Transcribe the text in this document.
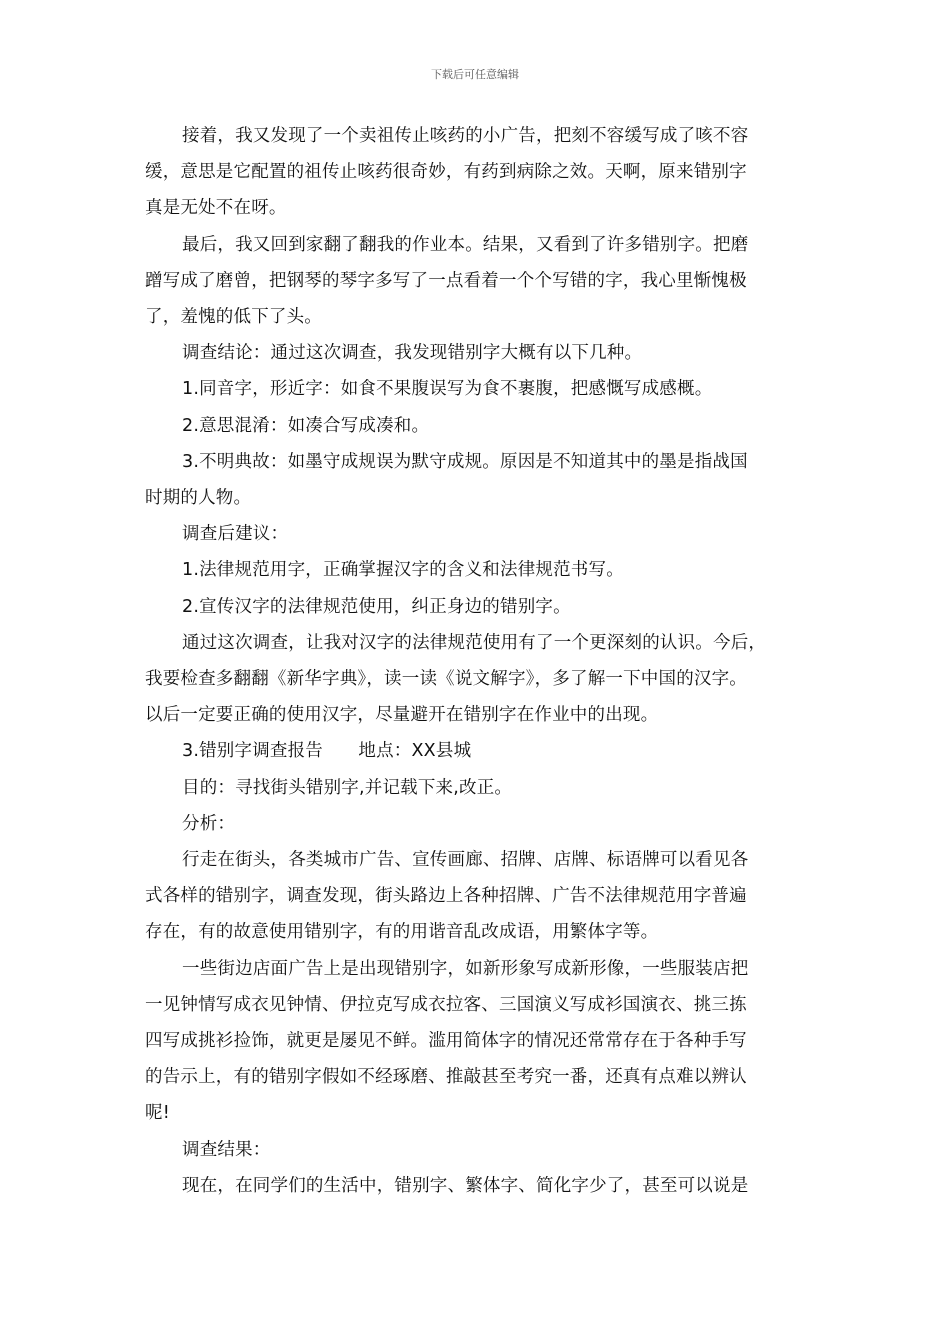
下载后可任意编辑

接着，我又发现了一个卖祖传止咳药的小广告，把刻不容缓写成了咳不容
缓，意思是它配置的祖传止咳药很奇妙，有药到病除之效。天啊，原来错别字
真是无处不在呀。

最后，我又回到家翻了翻我的作业本。结果，又看到了许多错别字。把磨
蹭写成了磨曾，把钢琴的琴字多写了一点看着一个个写错的字，我心里惭愧极
了，羞愧的低下了头。

调查结论：通过这次调查，我发现错别字大概有以下几种。

1.同音字，形近字：如食不果腹误写为食不裹腹，把感慨写成感概。

2.意思混淆：如凑合写成凑和。

3.不明典故：如墨守成规误为默守成规。原因是不知道其中的墨是指战国
时期的人物。

调查后建议：

1.法律规范用字，正确掌握汉字的含义和法律规范书写。

2.宣传汉字的法律规范使用，纠正身边的错别字。

通过这次调查，让我对汉字的法律规范使用有了一个更深刻的认识。今后，
我要检查多翻翻《新华字典》，读一读《说文解字》，多了解一下中国的汉字。
以后一定要正确的使用汉字，尽量避开在错别字在作业中的出现。

3.错别字调查报告　　地点：XX县城

目的：寻找街头错别字,并记载下来,改正。

分析：

行走在街头，各类城市广告、宣传画廊、招牌、店牌、标语牌可以看见各
式各样的错别字，调查发现，街头路边上各种招牌、广告不法律规范用字普遍
存在，有的故意使用错别字，有的用谐音乱改成语，用繁体字等。

一些街边店面广告上是出现错别字，如新形象写成新形像，一些服装店把
一见钟情写成衣见钟情、伊拉克写成衣拉客、三国演义写成衫国演衣、挑三拣
四写成挑衫捡饰，就更是屡见不鲜。滥用简体字的情况还常常存在于各种手写
的告示上，有的错别字假如不经琢磨、推敲甚至考究一番，还真有点难以辨认
呢!

调查结果：

现在，在同学们的生活中，错别字、繁体字、简化字少了，甚至可以说是
